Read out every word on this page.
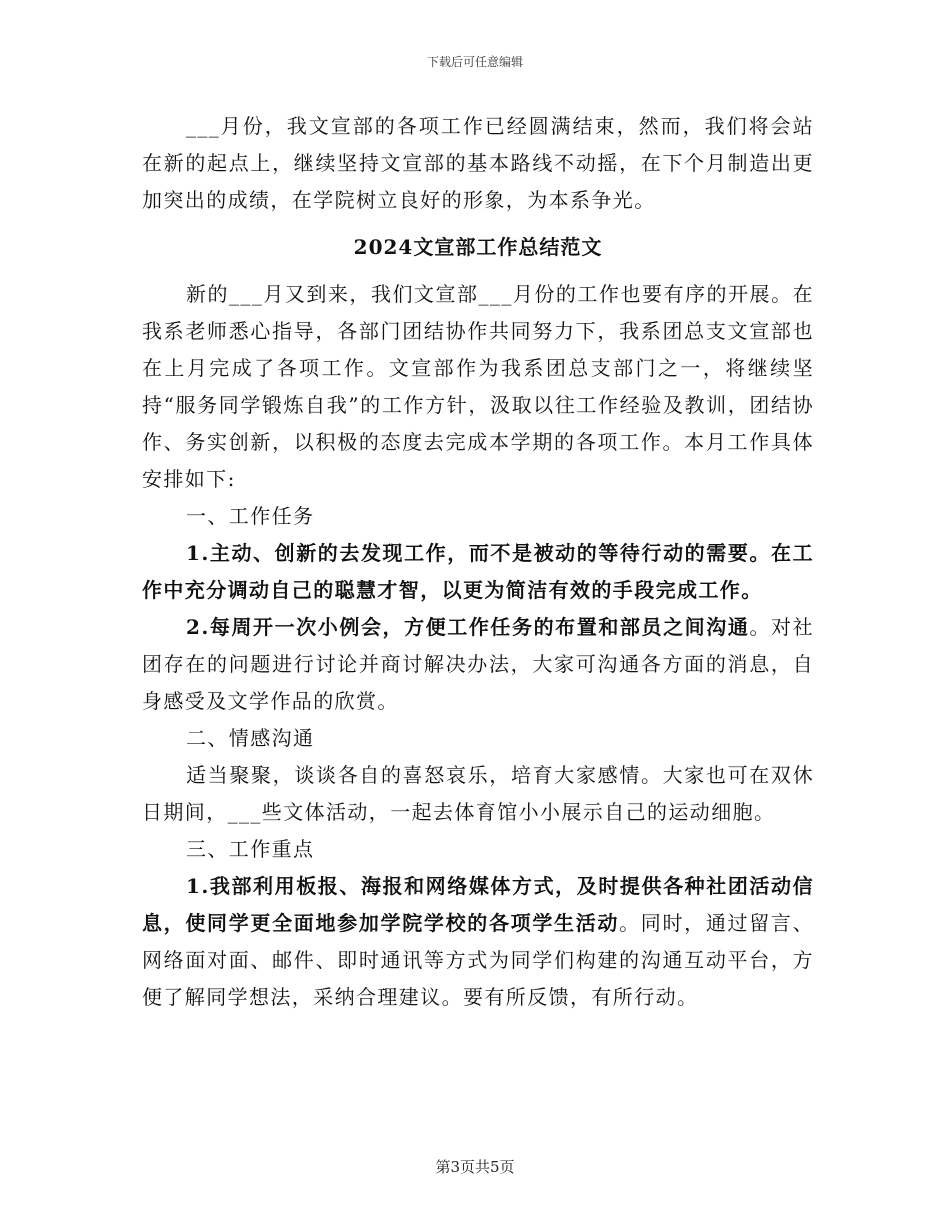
下载后可任意编辑

___月份，我文宣部的各项工作已经圆满结束，然而，我们将会站在新的起点上，继续坚持文宣部的基本路线不动摇，在下个月制造出更加突出的成绩，在学院树立良好的形象，为本系争光。

2024文宣部工作总结范文

新的___月又到来，我们文宣部___月份的工作也要有序的开展。在我系老师悉心指导，各部门团结协作共同努力下，我系团总支文宣部也在上月完成了各项工作。文宣部作为我系团总支部门之一，将继续坚持“服务同学锻炼自我”的工作方针，汲取以往工作经验及教训，团结协作、务实创新，以积极的态度去完成本学期的各项工作。本月工作具体安排如下:

一、工作任务

1.主动、创新的去发现工作，而不是被动的等待行动的需要。在工作中充分调动自己的聪慧才智，以更为简洁有效的手段完成工作。

2.每周开一次小例会，方便工作任务的布置和部员之间沟通。对社团存在的问题进行讨论并商讨解决办法，大家可沟通各方面的消息，自身感受及文学作品的欣赏。

二、情感沟通

适当聚聚，谈谈各自的喜怒哀乐，培育大家感情。大家也可在双休日期间，___些文体活动，一起去体育馆小小展示自己的运动细胞。

三、工作重点

1.我部利用板报、海报和网络媒体方式，及时提供各种社团活动信息，使同学更全面地参加学院学校的各项学生活动。同时，通过留言、网络面对面、邮件、即时通讯等方式为同学们构建的沟通互动平台，方便了解同学想法，采纳合理建议。要有所反馈，有所行动。

第3页共5页
